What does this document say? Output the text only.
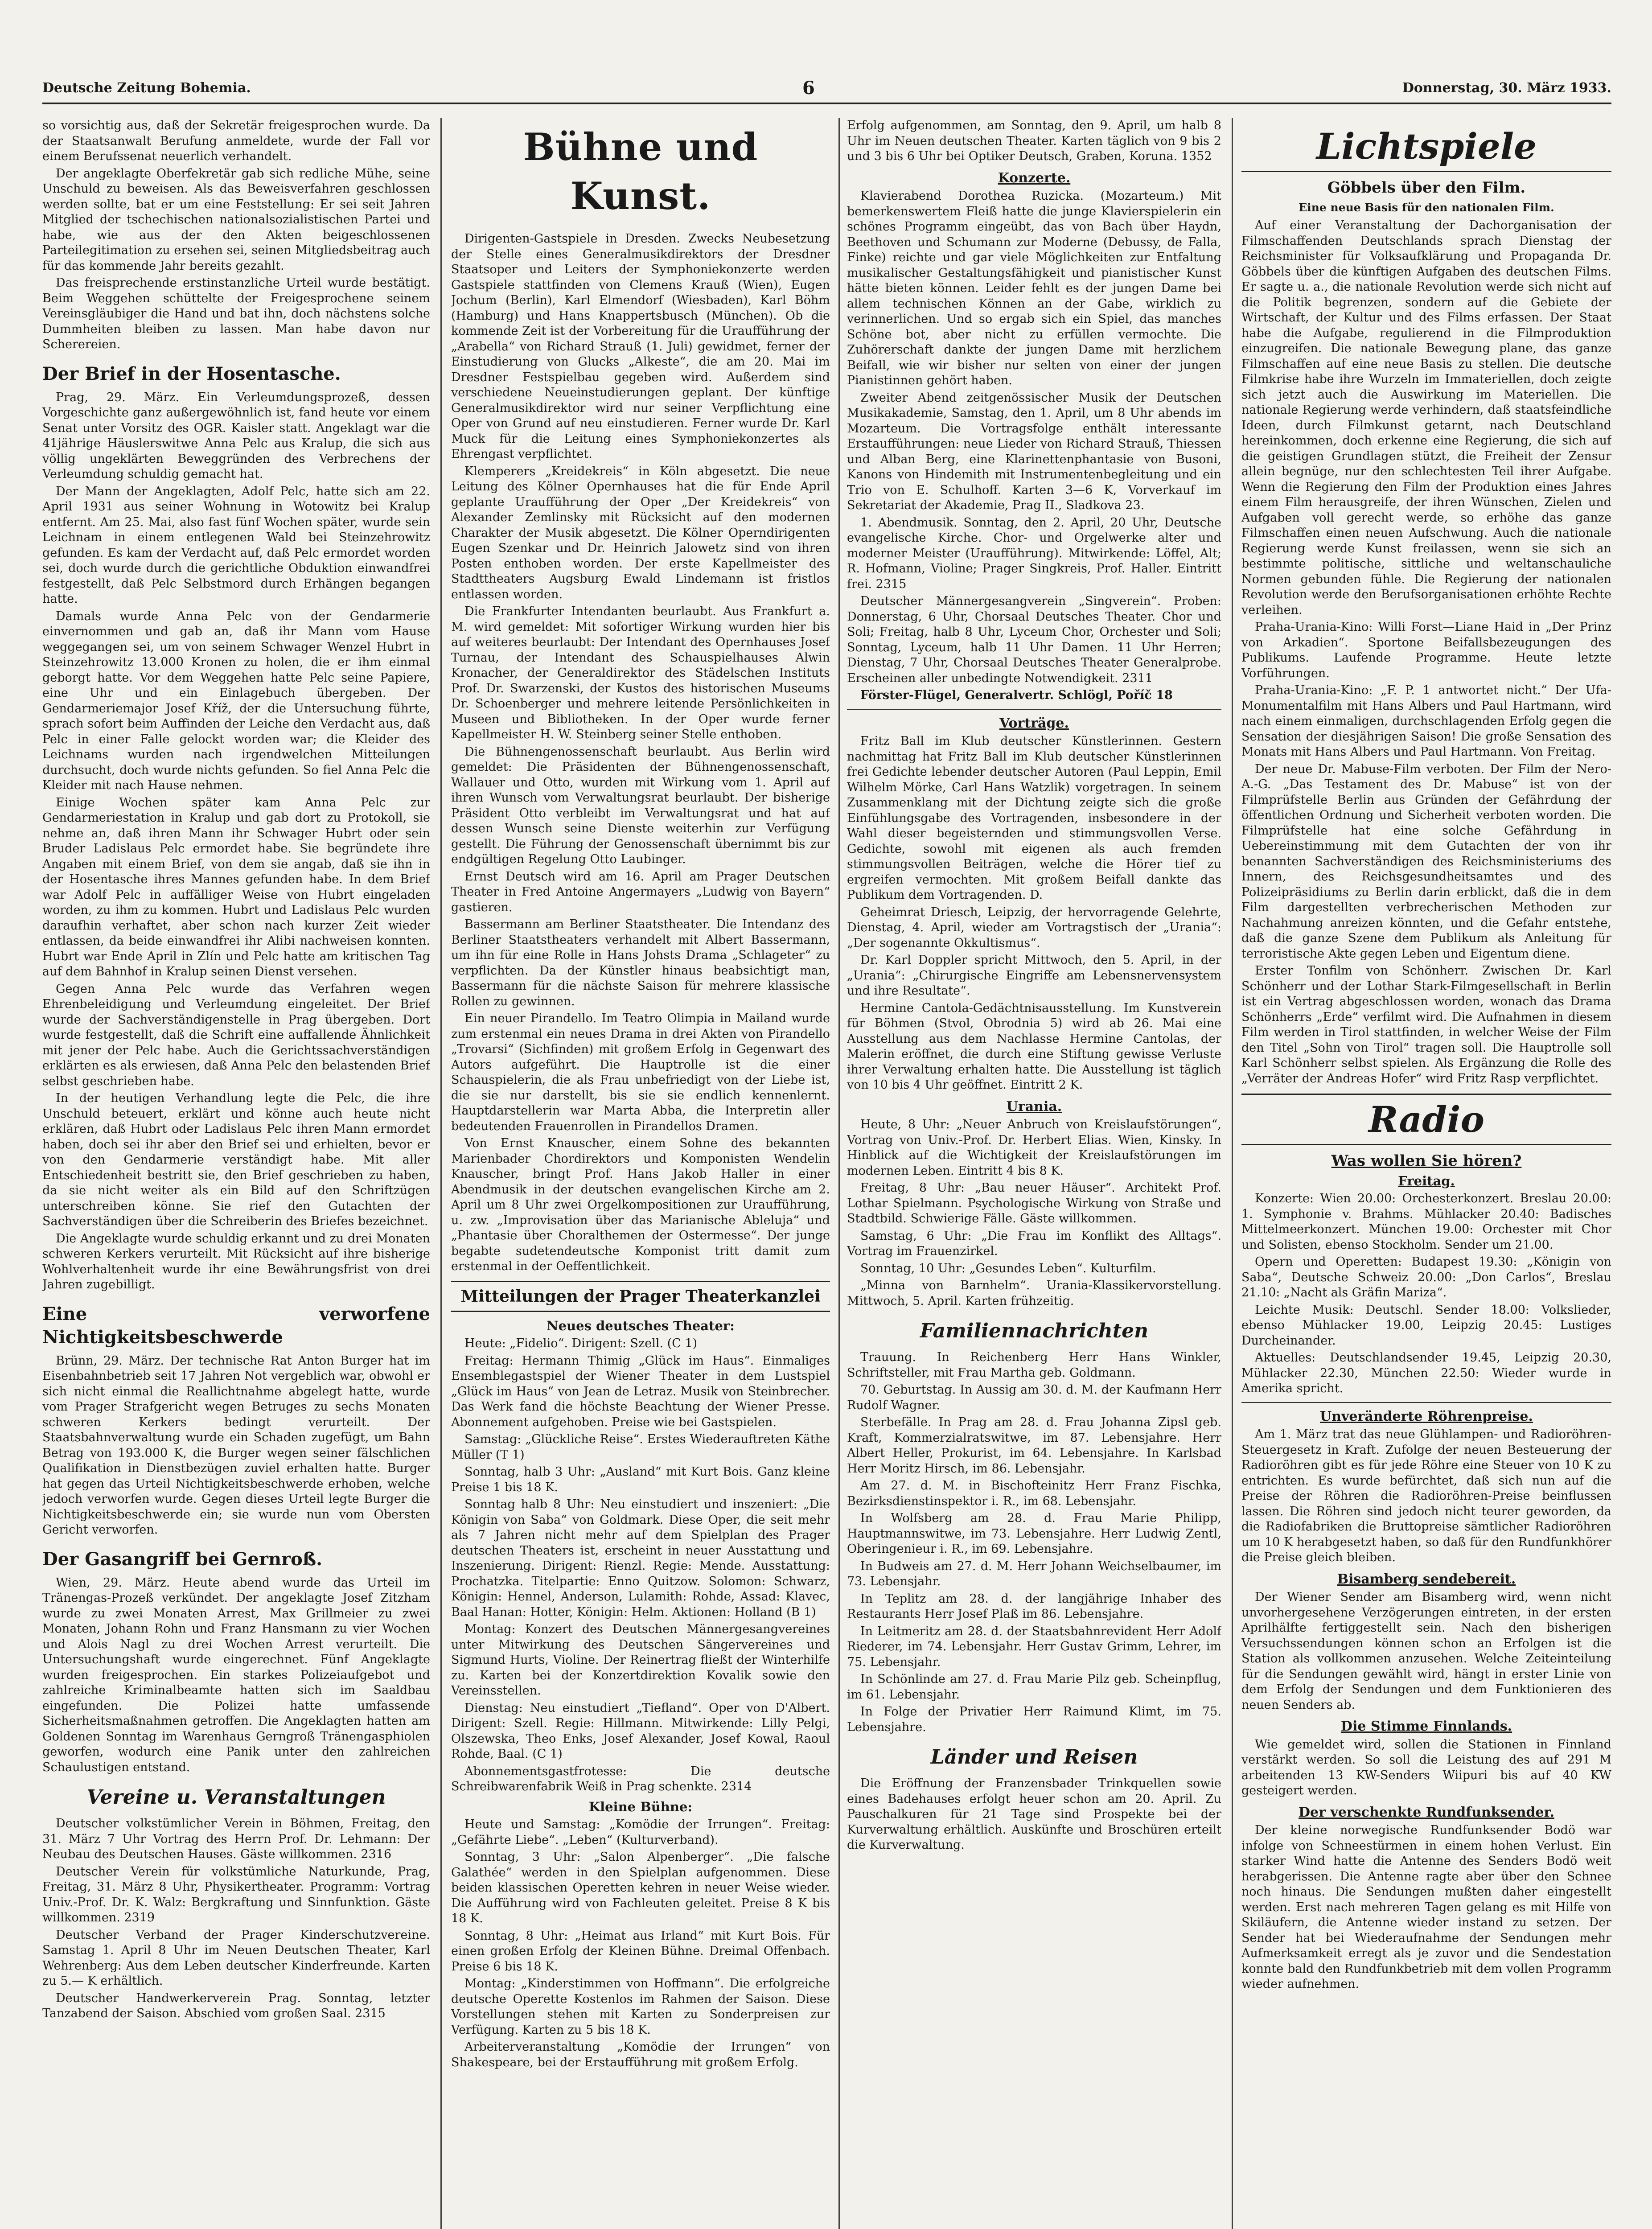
Deutsche Zeitung Bohemia.	6	Donnerstag, 30. März 1933.

so vorsichtig aus, daß der Sekretär freigesprochen wurde. Da der Staatsanwalt Berufung anmeldete, wurde der Fall vor einem Berufssenat neuerlich verhandelt.

Der angeklagte Oberfekretär gab sich redliche Mühe, seine Unschuld zu beweisen. Als das Beweisverfahren geschlossen werden sollte, bat er um eine Feststellung: Er sei seit Jahren Mitglied der tschechischen nationalsozialistischen Partei und habe, wie aus der den Akten beigeschlossenen Parteilegitimation zu ersehen sei, seinen Mitgliedsbeitrag auch für das kommende Jahr bereits gezahlt.

Das freisprechende erstinstanzliche Urteil wurde bestätigt. Beim Weggehen schüttelte der Freigesprochene seinem Vereinsgläubiger die Hand und bat ihn, doch nächstens solche Dummheiten bleiben zu lassen. Man habe davon nur Scherereien.

Der Brief in der Hosentasche.

Prag, 29. März. Ein Verleumdungsprozeß, dessen Vorgeschichte ganz außergewöhnlich ist, fand heute vor einem Senat unter Vorsitz des OGR. Kaisler statt. Angeklagt war die 41jährige Häuslerswitwe Anna Pelc aus Kralup, die sich aus völlig ungeklärten Beweggründen des Verbrechens der Verleumdung schuldig gemacht hat.

Der Mann der Angeklagten, Adolf Pelc, hatte sich am 22. April 1931 aus seiner Wohnung in Wotowitz bei Kralup entfernt. Am 25. Mai, also fast fünf Wochen später, wurde sein Leichnam in einem entlegenen Wald bei Steinzehrowitz gefunden. Es kam der Verdacht auf, daß Pelc ermordet worden sei, doch wurde durch die gerichtliche Obduktion einwandfrei festgestellt, daß Pelc Selbstmord durch Erhängen begangen hatte.

Damals wurde Anna Pelc von der Gendarmerie einvernommen und gab an, daß ihr Mann vom Hause weggegangen sei, um von seinem Schwager Wenzel Hubrt in Steinzehrowitz 13.000 Kronen zu holen, die er ihm einmal geborgt hatte. Vor dem Weggehen hatte Pelc seine Papiere, eine Uhr und ein Einlagebuch übergeben. Der Gendarmeriemajor Josef Kříž, der die Untersuchung führte, sprach sofort beim Auffinden der Leiche den Verdacht aus, daß Pelc in einer Falle gelockt worden war; die Kleider des Leichnams wurden nach irgendwelchen Mitteilungen durchsucht, doch wurde nichts gefunden. So fiel Anna Pelc die Kleider mit nach Hause nehmen.

Einige Wochen später kam Anna Pelc zur Gendarmeriestation in Kralup und gab dort zu Protokoll, sie nehme an, daß ihren Mann ihr Schwager Hubrt oder sein Bruder Ladislaus Pelc ermordet habe. Sie begründete ihre Angaben mit einem Brief, von dem sie angab, daß sie ihn in der Hosentasche ihres Mannes gefunden habe. In dem Brief war Adolf Pelc in auffälliger Weise von Hubrt eingeladen worden, zu ihm zu kommen. Hubrt und Ladislaus Pelc wurden daraufhin verhaftet, aber schon nach kurzer Zeit wieder entlassen, da beide einwandfrei ihr Alibi nachweisen konnten. Hubrt war Ende April in Zlín und Pelc hatte am kritischen Tag auf dem Bahnhof in Kralup seinen Dienst versehen.

Gegen Anna Pelc wurde das Verfahren wegen Ehrenbeleidigung und Verleumdung eingeleitet. Der Brief wurde der Sachverständigenstelle in Prag übergeben. Dort wurde festgestellt, daß die Schrift eine auffallende Ähnlichkeit mit jener der Pelc habe. Auch die Gerichtssachverständigen erklärten es als erwiesen, daß Anna Pelc den belastenden Brief selbst geschrieben habe.

In der heutigen Verhandlung legte die Pelc, die ihre Unschuld beteuert, erklärt und könne auch heute nicht erklären, daß Hubrt oder Ladislaus Pelc ihren Mann ermordet haben, doch sei ihr aber den Brief sei und erhielten, bevor er von den Gendarmerie verständigt habe. Mit aller Entschiedenheit bestritt sie, den Brief geschrieben zu haben, da sie nicht weiter als ein Bild auf den Schriftzügen unterschreiben könne. Sie rief den Gutachten der Sachverständigen über die Schreiberin des Briefes bezeichnet.

Die Angeklagte wurde schuldig erkannt und zu drei Monaten schweren Kerkers verurteilt. Mit Rücksicht auf ihre bisherige Wohlverhaltenheit wurde ihr eine Bewährungsfrist von drei Jahren zugebilligt.

Eine verworfene Nichtigkeitsbeschwerde

Brünn, 29. März. Der technische Rat Anton Burger hat im Eisenbahnbetrieb seit 17 Jahren Not vergeblich war, obwohl er sich nicht einmal die Reallichtnahme abgelegt hatte, wurde vom Prager Strafgericht wegen Betruges zu sechs Monaten schweren Kerkers bedingt verurteilt. Der Staatsbahnverwaltung wurde ein Schaden zugefügt, um Bahn Betrag von 193.000 K, die Burger wegen seiner fälschlichen Qualifikation in Dienstbezügen zuviel erhalten hatte. Burger hat gegen das Urteil Nichtigkeitsbeschwerde erhoben, welche jedoch verworfen wurde. Gegen dieses Urteil legte Burger die Nichtigkeitsbeschwerde ein; sie wurde nun vom Obersten Gericht verworfen.

Der Gasangriff bei Gernroß.

Wien, 29. März. Heute abend wurde das Urteil im Tränengas-Prozeß verkündet. Der angeklagte Josef Zitzham wurde zu zwei Monaten Arrest, Max Grillmeier zu zwei Monaten, Johann Rohn und Franz Hansmann zu vier Wochen und Alois Nagl zu drei Wochen Arrest verurteilt. Die Untersuchungshaft wurde eingerechnet. Fünf Angeklagte wurden freigesprochen. Ein starkes Polizeiaufgebot und zahlreiche Kriminalbeamte hatten sich im Saaldbau eingefunden. Die Polizei hatte umfassende Sicherheitsmaßnahmen getroffen. Die Angeklagten hatten am Goldenen Sonntag im Warenhaus Gerngroß Tränengasphiolen geworfen, wodurch eine Panik unter den zahlreichen Schaulustigen entstand.

Vereine u. Veranstaltungen

Deutscher volkstümlicher Verein in Böhmen, Freitag, den 31. März 7 Uhr Vortrag des Herrn Prof. Dr. Lehmann: Der Neubau des Deutschen Hauses. Gäste willkommen. 2316

Deutscher Verein für volkstümliche Naturkunde, Prag, Freitag, 31. März 8 Uhr, Physikertheater. Programm: Vortrag Univ.-Prof. Dr. K. Walz: Bergkraftung und Sinnfunktion. Gäste willkommen. 2319

Deutscher Verband der Prager Kinderschutzvereine. Samstag 1. April 8 Uhr im Neuen Deutschen Theater, Karl Wehrenberg: Aus dem Leben deutscher Kinderfreunde. Karten zu 5.— K erhältlich.

Deutscher Handwerkerverein Prag. Sonntag, letzter Tanzabend der Saison. Abschied vom großen Saal. 2315

Bühne und Kunst.

Dirigenten-Gastspiele in Dresden. Zwecks Neubesetzung der Stelle eines Generalmusikdirektors der Dresdner Staatsoper und Leiters der Symphoniekonzerte werden Gastspiele stattfinden von Clemens Krauß (Wien), Eugen Jochum (Berlin), Karl Elmendorf (Wiesbaden), Karl Böhm (Hamburg) und Hans Knappertsbusch (München). Ob die kommende Zeit ist der Vorbereitung für die Uraufführung der „Arabella“ von Richard Strauß (1. Juli) gewidmet, ferner der Einstudierung von Glucks „Alkeste“, die am 20. Mai im Dresdner Festspielbau gegeben wird. Außerdem sind verschiedene Neueinstudierungen geplant. Der künftige Generalmusikdirektor wird nur seiner Verpflichtung eine Oper von Grund auf neu einstudieren. Ferner wurde Dr. Karl Muck für die Leitung eines Symphoniekonzertes als Ehrengast verpflichtet.

Klemperers „Kreidekreis“ in Köln abgesetzt. Die neue Leitung des Kölner Opernhauses hat die für Ende April geplante Uraufführung der Oper „Der Kreidekreis“ von Alexander Zemlinsky mit Rücksicht auf den modernen Charakter der Musik abgesetzt. Die Kölner Operndirigenten Eugen Szenkar und Dr. Heinrich Jalowetz sind von ihren Posten enthoben worden. Der erste Kapellmeister des Stadttheaters Augsburg Ewald Lindemann ist fristlos entlassen worden.

Die Frankfurter Intendanten beurlaubt. Aus Frankfurt a. M. wird gemeldet: Mit sofortiger Wirkung wurden hier bis auf weiteres beurlaubt: Der Intendant des Opernhauses Josef Turnau, der Intendant des Schauspielhauses Alwin Kronacher, der Generaldirektor des Städelschen Instituts Prof. Dr. Swarzenski, der Kustos des historischen Museums Dr. Schoenberger und mehrere leitende Persönlichkeiten in Museen und Bibliotheken. In der Oper wurde ferner Kapellmeister H. W. Steinberg seiner Stelle enthoben.

Die Bühnengenossenschaft beurlaubt. Aus Berlin wird gemeldet: Die Präsidenten der Bühnengenossenschaft, Wallauer und Otto, wurden mit Wirkung vom 1. April auf ihren Wunsch vom Verwaltungsrat beurlaubt. Der bisherige Präsident Otto verbleibt im Verwaltungsrat und hat auf dessen Wunsch seine Dienste weiterhin zur Verfügung gestellt. Die Führung der Genossenschaft übernimmt bis zur endgültigen Regelung Otto Laubinger.

Ernst Deutsch wird am 16. April am Prager Deutschen Theater in Fred Antoine Angermayers „Ludwig von Bayern“ gastieren.

Bassermann am Berliner Staatstheater. Die Intendanz des Berliner Staatstheaters verhandelt mit Albert Bassermann, um ihn für eine Rolle in Hans Johsts Drama „Schlageter“ zu verpflichten. Da der Künstler hinaus beabsichtigt man, Bassermann für die nächste Saison für mehrere klassische Rollen zu gewinnen.

Ein neuer Pirandello. Im Teatro Olimpia in Mailand wurde zum erstenmal ein neues Drama in drei Akten von Pirandello „Trovarsi“ (Sichfinden) mit großem Erfolg in Gegenwart des Autors aufgeführt. Die Hauptrolle ist die einer Schauspielerin, die als Frau unbefriedigt von der Liebe ist, die sie nur darstellt, bis sie sie endlich kennenlernt. Hauptdarstellerin war Marta Abba, die Interpretin aller bedeutenden Frauenrollen in Pirandellos Dramen.

Von Ernst Knauscher, einem Sohne des bekannten Marienbader Chordirektors und Komponisten Wendelin Knauscher, bringt Prof. Hans Jakob Haller in einer Abendmusik in der deutschen evangelischen Kirche am 2. April um 8 Uhr zwei Orgelkompositionen zur Uraufführung, u. zw. „Improvisation über das Marianische Ableluja“ und „Phantasie über Choralthemen der Ostermesse“. Der junge begabte sudetendeutsche Komponist tritt damit zum erstenmal in der Oeffentlichkeit.

Mitteilungen der Prager Theaterkanzlei
Neues deutsches Theater:

Heute: „Fidelio“. Dirigent: Szell. (C 1)

Freitag: Hermann Thimig „Glück im Haus“. Einmaliges Ensemblegastspiel der Wiener Theater in dem Lustspiel „Glück im Haus“ von Jean de Letraz. Musik von Steinbrecher. Das Werk fand die höchste Beachtung der Wiener Presse. Abonnement aufgehoben. Preise wie bei Gastspielen.

Samstag: „Glückliche Reise“. Erstes Wiederauftreten Käthe Müller (T 1)

Sonntag, halb 3 Uhr: „Ausland“ mit Kurt Bois. Ganz kleine Preise 1 bis 18 K.

Sonntag halb 8 Uhr: Neu einstudiert und inszeniert: „Die Königin von Saba“ von Goldmark. Diese Oper, die seit mehr als 7 Jahren nicht mehr auf dem Spielplan des Prager deutschen Theaters ist, erscheint in neuer Ausstattung und Inszenierung. Dirigent: Rienzl. Regie: Mende. Ausstattung: Prochatzka. Titelpartie: Enno Quitzow. Solomon: Schwarz, Königin: Hennel, Anderson, Lulamith: Rohde, Assad: Klavec, Baal Hanan: Hotter, Königin: Helm. Aktionen: Holland (B 1)

Montag: Konzert des Deutschen Männergesangvereines unter Mitwirkung des Deutschen Sängervereines und Sigmund Hurts, Violine. Der Reinertrag fließt der Winterhilfe zu. Karten bei der Konzertdirektion Kovalik sowie den Vereinsstellen.

Dienstag: Neu einstudiert „Tiefland“. Oper von D'Albert. Dirigent: Szell. Regie: Hillmann. Mitwirkende: Lilly Pelgi, Olszewska, Theo Enks, Josef Alexander, Josef Kowal, Raoul Rohde, Baal. (C 1)

Abonnementsgastfrotesse: Die deutsche Schreibwarenfabrik Weiß in Prag schenkte. 2314

Kleine Bühne:

Heute und Samstag: „Komödie der Irrungen“. Freitag: „Gefährte Liebe“. „Leben“ (Kulturverband).

Sonntag, 3 Uhr: „Salon Alpenberger“. „Die falsche Galathée“ werden in den Spielplan aufgenommen. Diese beiden klassischen Operetten kehren in neuer Weise wieder. Die Aufführung wird von Fachleuten geleitet. Preise 8 K bis 18 K.

Sonntag, 8 Uhr: „Heimat aus Irland“ mit Kurt Bois. Für einen großen Erfolg der Kleinen Bühne. Dreimal Offenbach. Preise 6 bis 18 K.

Montag: „Kinderstimmen von Hoffmann“. Die erfolgreiche deutsche Operette Kostenlos im Rahmen der Saison. Diese Vorstellungen stehen mit Karten zu Sonderpreisen zur Verfügung. Karten zu 5 bis 18 K.

Arbeiterveranstaltung „Komödie der Irrungen“ von Shakespeare, bei der Erstaufführung mit großem Erfolg.

Erfolg aufgenommen, am Sonntag, den 9. April, um halb 8 Uhr im Neuen deutschen Theater. Karten täglich von 9 bis 2 und 3 bis 6 Uhr bei Optiker Deutsch, Graben, Koruna. 1352

Konzerte.

Klavierabend Dorothea Ruzicka. (Mozarteum.) Mit bemerkenswertem Fleiß hatte die junge Klavierspielerin ein schönes Programm eingeübt, das von Bach über Haydn, Beethoven und Schumann zur Moderne (Debussy, de Falla, Finke) reichte und gar viele Möglichkeiten zur Entfaltung musikalischer Gestaltungsfähigkeit und pianistischer Kunst hätte bieten können. Leider fehlt es der jungen Dame bei allem technischen Können an der Gabe, wirklich zu verinnerlichen. Und so ergab sich ein Spiel, das manches Schöne bot, aber nicht zu erfüllen vermochte. Die Zuhörerschaft dankte der jungen Dame mit herzlichem Beifall, wie wir bisher nur selten von einer der jungen Pianistinnen gehört haben.

Zweiter Abend zeitgenössischer Musik der Deutschen Musikakademie, Samstag, den 1. April, um 8 Uhr abends im Mozarteum. Die Vortragsfolge enthält interessante Erstaufführungen: neue Lieder von Richard Strauß, Thiessen und Alban Berg, eine Klarinettenphantasie von Busoni, Kanons von Hindemith mit Instrumentenbegleitung und ein Trio von E. Schulhoff. Karten 3—6 K, Vorverkauf im Sekretariat der Akademie, Prag II., Sladkova 23.

1. Abendmusik. Sonntag, den 2. April, 20 Uhr, Deutsche evangelische Kirche. Chor- und Orgelwerke alter und moderner Meister (Uraufführung). Mitwirkende: Löffel, Alt; R. Hofmann, Violine; Prager Singkreis, Prof. Haller. Eintritt frei. 2315

Deutscher Männergesangverein „Singverein“. Proben: Donnerstag, 6 Uhr, Chorsaal Deutsches Theater. Chor und Soli; Freitag, halb 8 Uhr, Lyceum Chor, Orchester und Soli; Sonntag, Lyceum, halb 11 Uhr Damen. 11 Uhr Herren; Dienstag, 7 Uhr, Chorsaal Deutsches Theater Generalprobe. Erscheinen aller unbedingte Notwendigkeit. 2311

Förster-Flügel, Generalvertr. Schlögl, Poříč 18

Vorträge.

Fritz Ball im Klub deutscher Künstlerinnen. Gestern nachmittag hat Fritz Ball im Klub deutscher Künstlerinnen frei Gedichte lebender deutscher Autoren (Paul Leppin, Emil Wilhelm Mörke, Carl Hans Watzlik) vorgetragen. In seinem Zusammenklang mit der Dichtung zeigte sich die große Einfühlungsgabe des Vortragenden, insbesondere in der Wahl dieser begeisternden und stimmungsvollen Verse. Gedichte, sowohl mit eigenen als auch fremden stimmungsvollen Beiträgen, welche die Hörer tief zu ergreifen vermochten. Mit großem Beifall dankte das Publikum dem Vortragenden. D.

Geheimrat Driesch, Leipzig, der hervorragende Gelehrte, Dienstag, 4. April, wieder am Vortragstisch der „Urania“: „Der sogenannte Okkultismus“.

Dr. Karl Doppler spricht Mittwoch, den 5. April, in der „Urania“: „Chirurgische Eingriffe am Lebensnervensystem und ihre Resultate“.

Hermine Cantola-Gedächtnisausstellung. Im Kunstverein für Böhmen (Stvol, Obrodnia 5) wird ab 26. Mai eine Ausstellung aus dem Nachlasse Hermine Cantolas, der Malerin eröffnet, die durch eine Stiftung gewisse Verluste ihrer Verwaltung erhalten hatte. Die Ausstellung ist täglich von 10 bis 4 Uhr geöffnet. Eintritt 2 K.

Urania.

Heute, 8 Uhr: „Neuer Anbruch von Kreislaufstörungen“, Vortrag von Univ.-Prof. Dr. Herbert Elias. Wien, Kinsky. In Hinblick auf die Wichtigkeit der Kreislaufstörungen im modernen Leben. Eintritt 4 bis 8 K.

Freitag, 8 Uhr: „Bau neuer Häuser“. Architekt Prof. Lothar Spielmann. Psychologische Wirkung von Straße und Stadtbild. Schwierige Fälle. Gäste willkommen.

Samstag, 6 Uhr: „Die Frau im Konflikt des Alltags“. Vortrag im Frauenzirkel.

Sonntag, 10 Uhr: „Gesundes Leben“. Kulturfilm.

„Minna von Barnhelm“. Urania-Klassikervorstellung. Mittwoch, 5. April. Karten frühzeitig.

Familiennachrichten

Trauung. In Reichenberg Herr Hans Winkler, Schriftsteller, mit Frau Martha geb. Goldmann.

70. Geburtstag. In Aussig am 30. d. M. der Kaufmann Herr Rudolf Wagner.

Sterbefälle. In Prag am 28. d. Frau Johanna Zipsl geb. Kraft, Kommerzialratswitwe, im 87. Lebensjahre. Herr Albert Heller, Prokurist, im 64. Lebensjahre. In Karlsbad Herr Moritz Hirsch, im 86. Lebensjahr.

Am 27. d. M. in Bischofteinitz Herr Franz Fischka, Bezirksdienstinspektor i. R., im 68. Lebensjahr.

In Wolfsberg am 28. d. Frau Marie Philipp, Hauptmannswitwe, im 73. Lebensjahre. Herr Ludwig Zentl, Oberingenieur i. R., im 69. Lebensjahre.

In Budweis am 27. d. M. Herr Johann Weichselbaumer, im 73. Lebensjahr.

In Teplitz am 28. d. der langjährige Inhaber des Restaurants Herr Josef Plaß im 86. Lebensjahre.

In Leitmeritz am 28. d. der Staatsbahnrevident Herr Adolf Riederer, im 74. Lebensjahr. Herr Gustav Grimm, Lehrer, im 75. Lebensjahr.

In Schönlinde am 27. d. Frau Marie Pilz geb. Scheinpflug, im 61. Lebensjahr.

In Folge der Privatier Herr Raimund Klimt, im 75. Lebensjahre.

Länder und Reisen

Die Eröffnung der Franzensbader Trinkquellen sowie eines Badehauses erfolgt heuer schon am 20. April. Zu Pauschalkuren für 21 Tage sind Prospekte bei der Kurverwaltung erhältlich. Auskünfte und Broschüren erteilt die Kurverwaltung.

Lichtspiele
Göbbels über den Film.
Eine neue Basis für den nationalen Film.

Auf einer Veranstaltung der Dachorganisation der Filmschaffenden Deutschlands sprach Dienstag der Reichsminister für Volksaufklärung und Propaganda Dr. Göbbels über die künftigen Aufgaben des deutschen Films. Er sagte u. a., die nationale Revolution werde sich nicht auf die Politik begrenzen, sondern auf die Gebiete der Wirtschaft, der Kultur und des Films erfassen. Der Staat habe die Aufgabe, regulierend in die Filmproduktion einzugreifen. Die nationale Bewegung plane, das ganze Filmschaffen auf eine neue Basis zu stellen. Die deutsche Filmkrise habe ihre Wurzeln im Immateriellen, doch zeigte sich jetzt auch die Auswirkung im Materiellen. Die nationale Regierung werde verhindern, daß staatsfeindliche Ideen, durch Filmkunst getarnt, nach Deutschland hereinkommen, doch erkenne eine Regierung, die sich auf die geistigen Grundlagen stützt, die Freiheit der Zensur allein begnüge, nur den schlechtesten Teil ihrer Aufgabe. Wenn die Regierung den Film der Produktion eines Jahres einem Film herausgreife, der ihren Wünschen, Zielen und Aufgaben voll gerecht werde, so erhöhe das ganze Filmschaffen einen neuen Aufschwung. Auch die nationale Regierung werde Kunst freilassen, wenn sie sich an bestimmte politische, sittliche und weltanschauliche Normen gebunden fühle. Die Regierung der nationalen Revolution werde den Berufsorganisationen erhöhte Rechte verleihen.

Praha-Urania-Kino: Willi Forst—Liane Haid in „Der Prinz von Arkadien“. Sportone Beifallsbezeugungen des Publikums. Laufende Programme. Heute letzte Vorführungen.

Praha-Urania-Kino: „F. P. 1 antwortet nicht.“ Der Ufa-Monumentalfilm mit Hans Albers und Paul Hartmann, wird nach einem einmaligen, durchschlagenden Erfolg gegen die Sensation der diesjährigen Saison! Die große Sensation des Monats mit Hans Albers und Paul Hartmann. Von Freitag.

Der neue Dr. Mabuse-Film verboten. Der Film der Nero-A.-G. „Das Testament des Dr. Mabuse“ ist von der Filmprüfstelle Berlin aus Gründen der Gefährdung der öffentlichen Ordnung und Sicherheit verboten worden. Die Filmprüfstelle hat eine solche Gefährdung in Uebereinstimmung mit dem Gutachten der von ihr benannten Sachverständigen des Reichsministeriums des Innern, des Reichsgesundheitsamtes und des Polizeipräsidiums zu Berlin darin erblickt, daß die in dem Film dargestellten verbrecherischen Methoden zur Nachahmung anreizen könnten, und die Gefahr entstehe, daß die ganze Szene dem Publikum als Anleitung für terroristische Akte gegen Leben und Eigentum diene.

Erster Tonfilm von Schönherr. Zwischen Dr. Karl Schönherr und der Lothar Stark-Filmgesellschaft in Berlin ist ein Vertrag abgeschlossen worden, wonach das Drama Schönherrs „Erde“ verfilmt wird. Die Aufnahmen in diesem Film werden in Tirol stattfinden, in welcher Weise der Film den Titel „Sohn von Tirol“ tragen soll. Die Hauptrolle soll Karl Schönherr selbst spielen. Als Ergänzung die Rolle des „Verräter der Andreas Hofer“ wird Fritz Rasp verpflichtet.

Radio
Was wollen Sie hören?
Freitag.

Konzerte: Wien 20.00: Orchesterkonzert. Breslau 20.00: 1. Symphonie v. Brahms. Mühlacker 20.40: Badisches Mittelmeerkonzert. München 19.00: Orchester mit Chor und Solisten, ebenso Stockholm. Sender um 21.00.

Opern und Operetten: Budapest 19.30: „Königin von Saba“, Deutsche Schweiz 20.00: „Don Carlos“, Breslau 21.10: „Nacht als Gräfin Mariza“.

Leichte Musik: Deutschl. Sender 18.00: Volkslieder, ebenso Mühlacker 19.00, Leipzig 20.45: Lustiges Durcheinander.

Aktuelles: Deutschlandsender 19.45, Leipzig 20.30, Mühlacker 22.30, München 22.50: Wieder wurde in Amerika spricht.

Unveränderte Röhrenpreise.

Am 1. März trat das neue Glühlampen- und Radioröhren-Steuergesetz in Kraft. Zufolge der neuen Besteuerung der Radioröhren gibt es für jede Röhre eine Steuer von 10 K zu entrichten. Es wurde befürchtet, daß sich nun auf die Preise der Röhren die Radioröhren-Preise beinflussen lassen. Die Röhren sind jedoch nicht teurer geworden, da die Radiofabriken die Bruttopreise sämtlicher Radioröhren um 10 K herabgesetzt haben, so daß für den Rundfunkhörer die Preise gleich bleiben.

Bisamberg sendebereit.

Der Wiener Sender am Bisamberg wird, wenn nicht unvorhergesehene Verzögerungen eintreten, in der ersten Aprilhälfte fertiggestellt sein. Nach den bisherigen Versuchssendungen können schon an Erfolgen ist die Station als vollkommen anzusehen. Welche Zeiteinteilung für die Sendungen gewählt wird, hängt in erster Linie von dem Erfolg der Sendungen und dem Funktionieren des neuen Senders ab.

Die Stimme Finnlands.

Wie gemeldet wird, sollen die Stationen in Finnland verstärkt werden. So soll die Leistung des auf 291 M arbeitenden 13 KW-Senders Wiipuri bis auf 40 KW gesteigert werden.

Der verschenkte Rundfunksender.

Der kleine norwegische Rundfunksender Bodö war infolge von Schneestürmen in einem hohen Verlust. Ein starker Wind hatte die Antenne des Senders Bodö weit herabgerissen. Die Antenne ragte aber über den Schnee noch hinaus. Die Sendungen mußten daher eingestellt werden. Erst nach mehreren Tagen gelang es mit Hilfe von Skiläufern, die Antenne wieder instand zu setzen. Der Sender hat bei Wiederaufnahme der Sendungen mehr Aufmerksamkeit erregt als je zuvor und die Sendestation konnte bald den Rundfunkbetrieb mit dem vollen Programm wieder aufnehmen.
